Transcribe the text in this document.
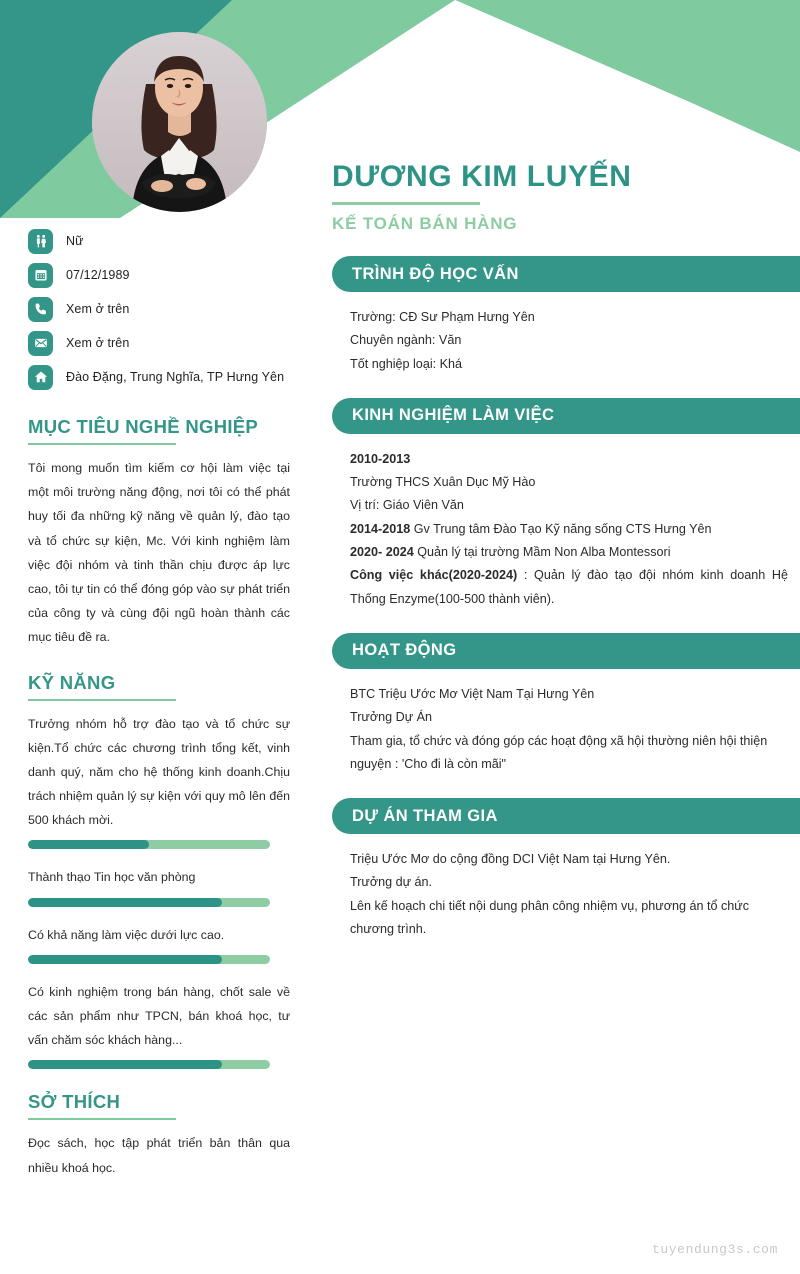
Nữ
07/12/1989
Xem ở trên
Xem ở trên
Đào Đặng, Trung Nghĩa, TP Hưng Yên
MỤC TIÊU NGHỀ NGHIỆP
Tôi mong muốn tìm kiếm cơ hội làm việc tại một môi trường năng động, nơi tôi có thể phát huy tối đa những kỹ năng về quản lý, đào tạo và tổ chức sự kiện, Mc. Với kinh nghiệm làm việc đội nhóm và tinh thần chịu được áp lực cao, tôi tự tin có thể đóng góp vào sự phát triển của công ty và cùng đội ngũ hoàn thành các mục tiêu đề ra.
KỸ NĂNG
Trưởng nhóm hỗ trợ đào tạo và tổ chức sự kiện.Tổ chức các chương trình tổng kết, vinh danh quý, năm cho hệ thống kinh doanh.Chịu trách nhiệm quản lý sự kiện với quy mô lên đến 500 khách mời.
Thành thạo Tin học văn phòng
Có khả năng làm việc dưới lực cao.
Có kinh nghiệm trong bán hàng, chốt sale về các sản phẩm như TPCN, bán khoá học, tư vấn chăm sóc khách hàng...
SỞ THÍCH
Đọc sách, học tập phát triển bản thân qua nhiều khoá học.
DƯƠNG KIM LUYẾN
KẾ TOÁN BÁN HÀNG
TRÌNH ĐỘ HỌC VẤN
Trường: CĐ Sư Phạm Hưng Yên
Chuyên ngành: Văn
Tốt nghiệp loại: Khá
KINH NGHIỆM LÀM VIỆC
2010-2013
Trường THCS Xuân Dục Mỹ Hào
Vị trí: Giáo Viên Văn
2014-2018 Gv Trung tâm Đào Tạo Kỹ năng sống CTS Hưng Yên
2020- 2024 Quản lý tại trường Mầm Non Alba Montessori
Công việc khác(2020-2024) : Quản lý đào tạo đội nhóm kinh doanh Hệ Thống Enzyme(100-500 thành viên).
HOẠT ĐỘNG
BTC Triệu Ước Mơ Việt Nam Tại Hưng Yên
Trưởng Dự Án
Tham gia, tổ chức và đóng góp các hoạt động xã hội thường niên hội thiện nguyện : 'Cho đi là còn mãi"
DỰ ÁN THAM GIA
Triệu Ước Mơ do cộng đồng DCI Việt Nam tại Hưng Yên.
Trưởng dự án.
Lên kế hoạch chi tiết nội dung phân công nhiệm vụ, phương án tổ chức chương trình.
tuyendung3s.com
